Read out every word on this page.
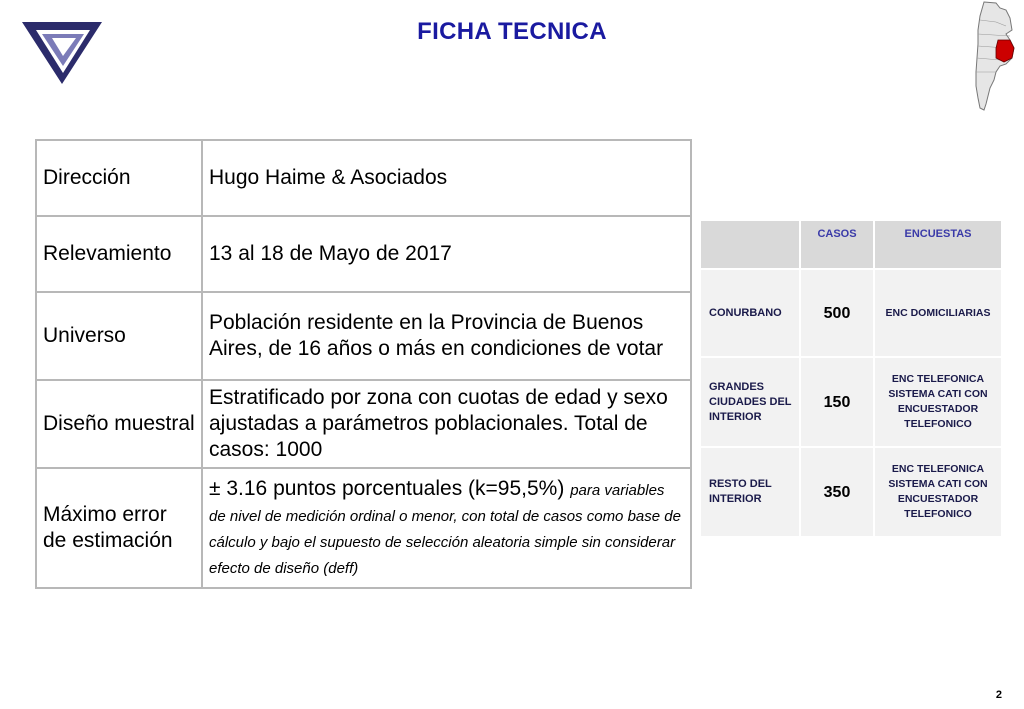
FICHA TECNICA
Dirección	Hugo Haime & Asociados
Relevamiento	13 al 18 de Mayo de 2017
Universo	Población residente en la Provincia de Buenos Aires, de 16 años o más en condiciones de votar
Diseño muestral	Estratificado por zona con cuotas de edad y sexo ajustadas a parámetros poblacionales. Total de casos: 1000
Máximo error de estimación	± 3.16 puntos porcentuales (k=95,5%) para variables de nivel de medición ordinal o menor, con total de casos como base de cálculo y bajo el supuesto de selección aleatoria simple sin considerar efecto de diseño (deff)
	CASOS	ENCUESTAS
CONURBANO	500	ENC DOMICILIARIAS
GRANDES CIUDADES DEL INTERIOR	150	ENC TELEFONICA SISTEMA CATI CON ENCUESTADOR TELEFONICO
RESTO DEL INTERIOR	350	ENC TELEFONICA SISTEMA CATI CON ENCUESTADOR TELEFONICO
2
